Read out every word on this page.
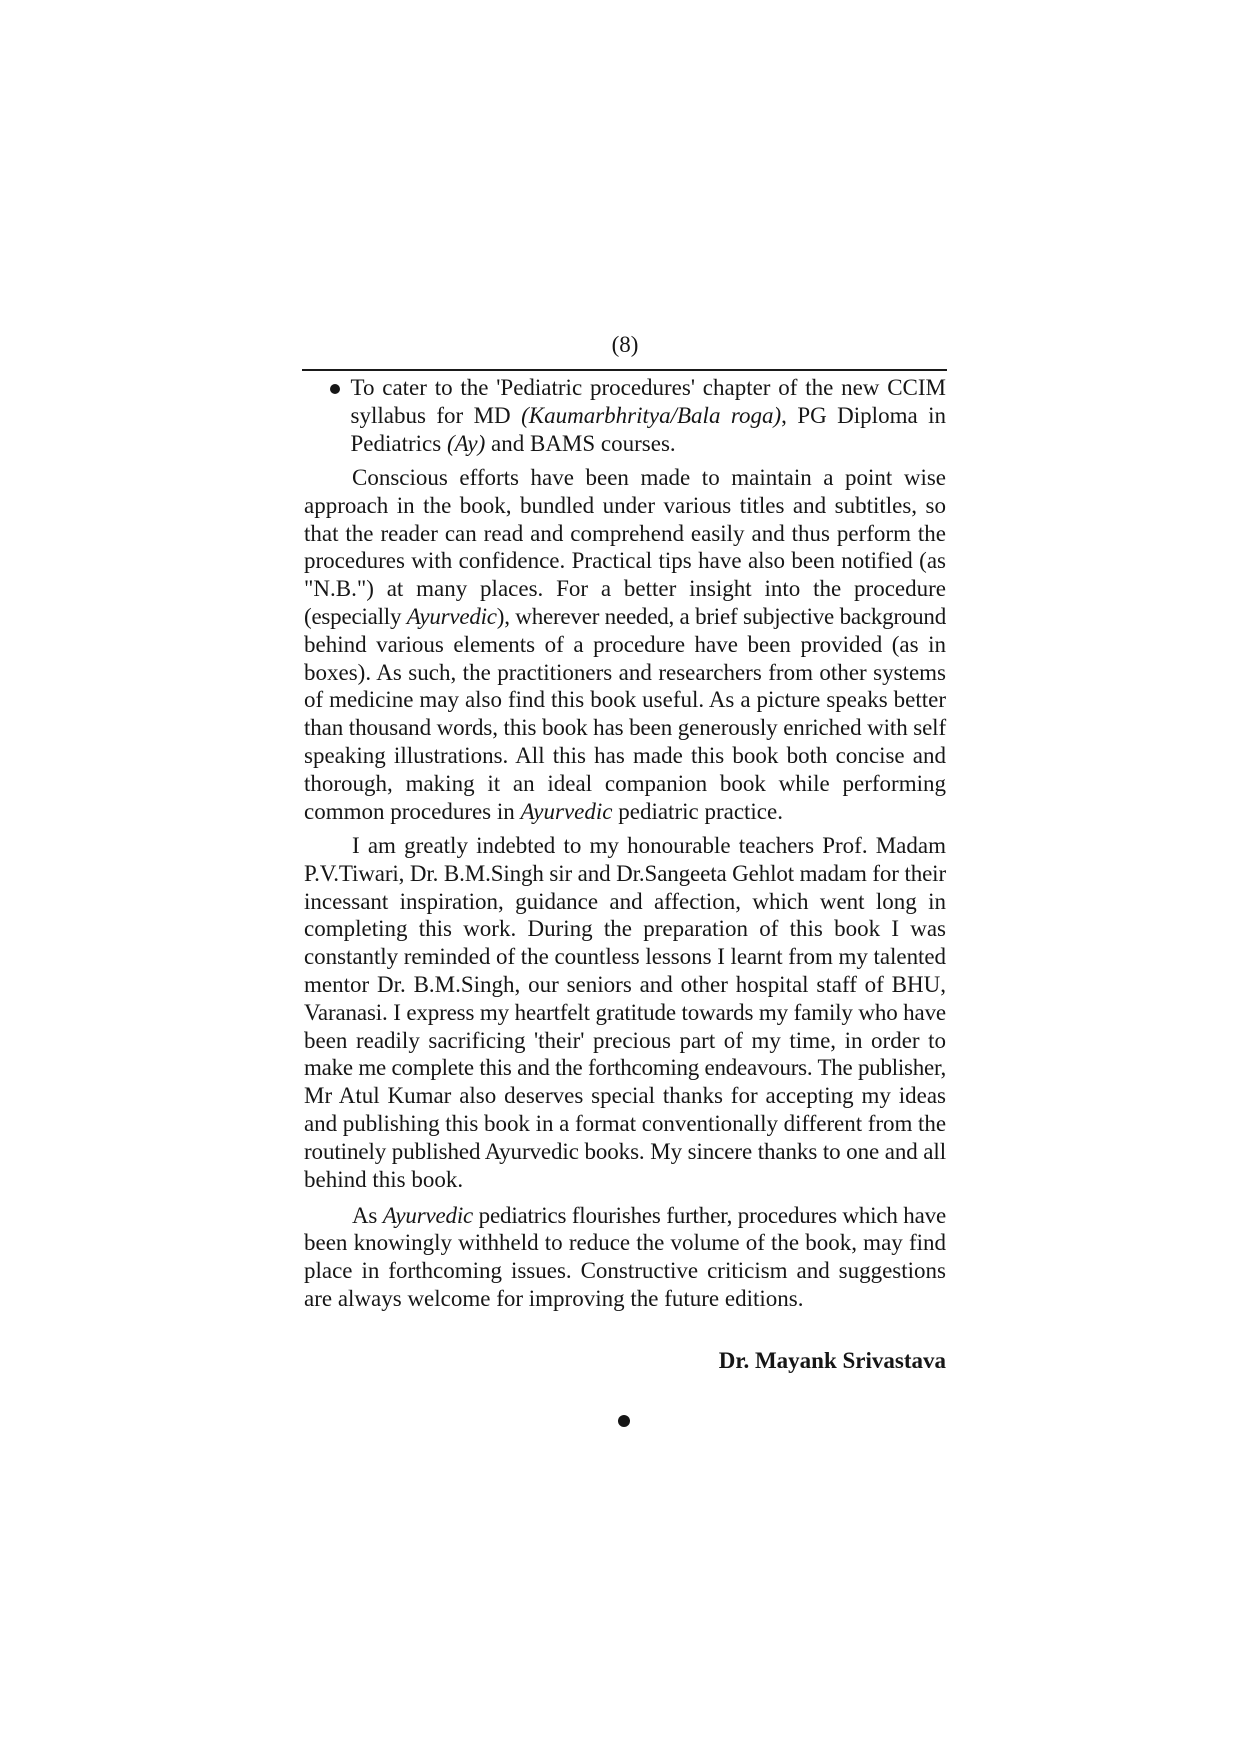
(8)
To cater to the 'Pediatric procedures' chapter of the new CCIM
syllabus for MD (Kaumarbhritya/Bala roga), PG Diploma in
Pediatrics (Ay) and BAMS courses.
Conscious efforts have been made to maintain a point wise
approach in the book, bundled under various titles and subtitles, so
that the reader can read and comprehend easily and thus perform the
procedures with confidence. Practical tips have also been notified (as
"N.B.") at many places. For a better insight into the procedure
(especially Ayurvedic), wherever needed, a brief subjective background
behind various elements of a procedure have been provided (as in
boxes). As such, the practitioners and researchers from other systems
of medicine may also find this book useful. As a picture speaks better
than thousand words, this book has been generously enriched with self
speaking illustrations. All this has made this book both concise and
thorough, making it an ideal companion book while performing
common procedures in Ayurvedic pediatric practice.
I am greatly indebted to my honourable teachers Prof. Madam
P.V.Tiwari, Dr. B.M.Singh sir and Dr.Sangeeta Gehlot madam for their
incessant inspiration, guidance and affection, which went long in
completing this work. During the preparation of this book I was
constantly reminded of the countless lessons I learnt from my talented
mentor Dr. B.M.Singh, our seniors and other hospital staff of BHU,
Varanasi. I express my heartfelt gratitude towards my family who have
been readily sacrificing 'their' precious part of my time, in order to
make me complete this and the forthcoming endeavours. The publisher,
Mr Atul Kumar also deserves special thanks for accepting my ideas
and publishing this book in a format conventionally different from the
routinely published Ayurvedic books. My sincere thanks to one and all
behind this book.
As Ayurvedic pediatrics flourishes further, procedures which have
been knowingly withheld to reduce the volume of the book, may find
place in forthcoming issues. Constructive criticism and suggestions
are always welcome for improving the future editions.
Dr. Mayank Srivastava
